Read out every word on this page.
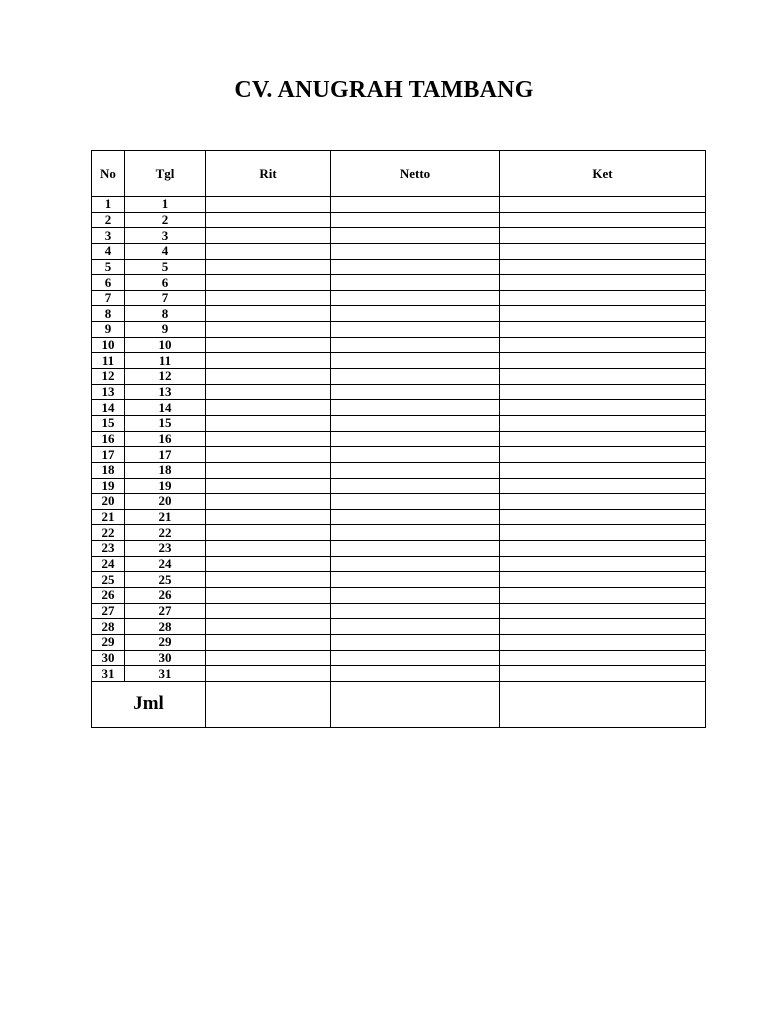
CV. ANUGRAH TAMBANG
No	Tgl	Rit	Netto	Ket
1	1			
2	2			
3	3			
4	4			
5	5			
6	6			
7	7			
8	8			
9	9			
10	10			
11	11			
12	12			
13	13			
14	14			
15	15			
16	16			
17	17			
18	18			
19	19			
20	20			
21	21			
22	22			
23	23			
24	24			
25	25			
26	26			
27	27			
28	28			
29	29			
30	30			
31	31			
Jml				
